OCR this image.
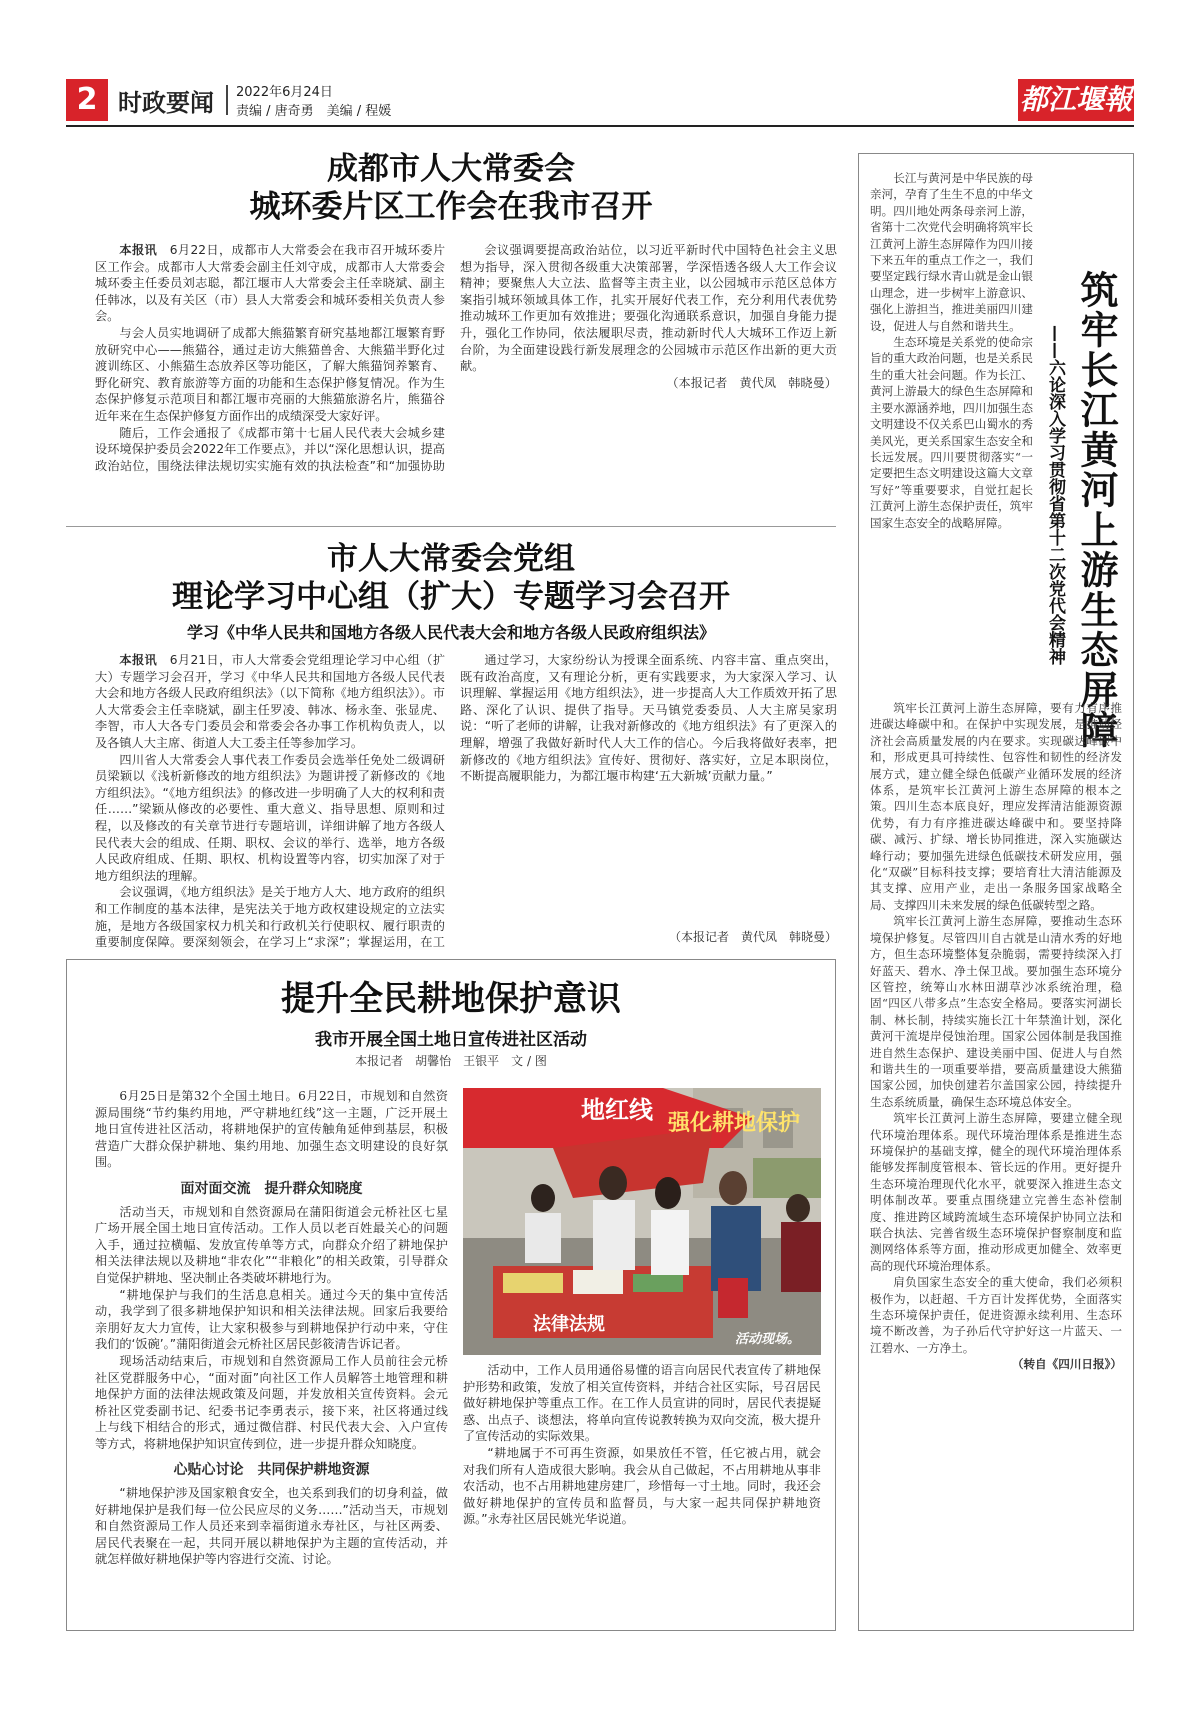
2 时政要闻 2022年6月24日
责编 / 唐奇勇　美编 / 程媛	都江堰報
成都市人大常委会
城环委片区工作会在我市召开

本报讯　 6月22日，成都市人大常委会在我市召开城环委片区工作会。成都市人大常委会副主任刘守成，成都市人大常委会城环委主任委员刘志聪，都江堰市人大常委会主任幸晓斌、副主任韩冰，以及有关区（市）县人大常委会和城环委相关负责人参会。

与会人员实地调研了成都大熊猫繁育研究基地都江堰繁育野放研究中心——熊猫谷，通过走访大熊猫兽舍、大熊猫半野化过渡训练区、小熊猫生态放养区等功能区，了解大熊猫饲养繁育、野化研究、教育旅游等方面的功能和生态保护修复情况。作为生态保护修复示范项目和都江堰市亮丽的大熊猫旅游名片，熊猫谷近年来在生态保护修复方面作出的成绩深受大家好评。

随后，工作会通报了《成都市第十七届人民代表大会城乡建设环境保护委员会2022年工作要点》，并以“深化思想认识，提高政治站位，围绕法律法规切实实施有效的执法检查”和“加强协助

会议强调要提高政治站位，以习近平新时代中国特色社会主义思想为指导，深入贯彻各级重大决策部署，学深悟透各级人大工作会议精神；要聚焦人大立法、监督等主责主业，以公园城市示范区总体方案指引城环领域具体工作，扎实开展好代表工作，充分利用代表优势推动城环工作更加有效推进；要强化沟通联系意识，加强自身能力提升，强化工作协同，依法履职尽责，推动新时代人大城环工作迈上新台阶，为全面建设践行新发展理念的公园城市示范区作出新的更大贡献。

（本报记者　黄代凤　韩晓曼）

市人大常委会党组
理论学习中心组（扩大）专题学习会召开
学习《中华人民共和国地方各级人民代表大会和地方各级人民政府组织法》

本报讯　 6月21日，市人大常委会党组理论学习中心组（扩大）专题学习会召开，学习《中华人民共和国地方各级人民代表大会和地方各级人民政府组织法》（以下简称《地方组织法》）。市人大常委会主任幸晓斌，副主任罗凌、韩冰、杨永奎、张显虎、李智，市人大各专门委员会和常委会各办事工作机构负责人，以及各镇人大主席、街道人大工委主任等参加学习。

四川省人大常委会人事代表工作委员会选举任免处二级调研员梁颖以《浅析新修改的地方组织法》为题讲授了新修改的《地方组织法》。“《地方组织法》的修改进一步明确了人大的权利和责任……”梁颖从修改的必要性、重大意义、指导思想、原则和过程，以及修改的有关章节进行专题培训，详细讲解了地方各级人民代表大会的组成、任期、职权、会议的举行、选举，地方各级人民政府组成、任期、职权、机构设置等内容，切实加深了对于地方组织法的理解。

会议强调，《地方组织法》是关于地方人大、地方政府的组织和工作制度的基本法律，是宪法关于地方政权建设规定的立法实施，是地方各级国家权力机关和行政机关行使职权、履行职责的重要制度保障。要深刻领会，在学习上“求深”；掌握运用，在工

通过学习，大家纷纷认为授课全面系统、内容丰富、重点突出，既有政治高度，又有理论分析，更有实践要求，为大家深入学习、认识理解、掌握运用《地方组织法》，进一步提高人大工作质效开拓了思路、深化了认识、提供了指导。天马镇党委委员、人大主席吴家玥说：“听了老师的讲解，让我对新修改的《地方组织法》有了更深入的理解，增强了我做好新时代人大工作的信心。今后我将做好表率，把新修改的《地方组织法》宣传好、贯彻好、落实好，立足本职岗位，不断提高履职能力，为都江堰市构建‘五大新城’贡献力量。”

（本报记者　黄代凤　韩晓曼）
提升全民耕地保护意识
我市开展全国土地日宣传进社区活动
本报记者　胡馨怡　王银平　文 / 图

6月25日是第32个全国土地日。6月22日，市规划和自然资源局围绕“节约集约用地，严守耕地红线”这一主题，广泛开展土地日宣传进社区活动，将耕地保护的宣传触角延伸到基层，积极营造广大群众保护耕地、集约用地、加强生态文明建设的良好氛围。

面对面交流　提升群众知晓度

活动当天，市规划和自然资源局在蒲阳街道会元桥社区七星广场开展全国土地日宣传活动。工作人员以老百姓最关心的问题入手，通过拉横幅、发放宣传单等方式，向群众介绍了耕地保护相关法律法规以及耕地“非农化”“非粮化”的相关政策，引导群众自觉保护耕地、坚决制止各类破坏耕地行为。

“耕地保护与我们的生活息息相关。通过今天的集中宣传活动，我学到了很多耕地保护知识和相关法律法规。回家后我要给亲朋好友大力宣传，让大家积极参与到耕地保护行动中来，守住我们的‘饭碗’。”蒲阳街道会元桥社区居民彭筱清告诉记者。

现场活动结束后，市规划和自然资源局工作人员前往会元桥社区党群服务中心，“面对面”向社区工作人员解答土地管理和耕地保护方面的法律法规政策及问题，并发放相关宣传资料。会元桥社区党委副书记、纪委书记李勇表示，接下来，社区将通过线上与线下相结合的形式，通过微信群、村民代表大会、入户宣传等方式，将耕地保护知识宣传到位，进一步提升群众知晓度。

心贴心讨论　共同保护耕地资源

“耕地保护涉及国家粮食安全，也关系到我们的切身利益，做好耕地保护是我们每一位公民应尽的义务……”活动当天，市规划和自然资源局工作人员还来到幸福街道永寿社区，与社区两委、居民代表聚在一起，共同开展以耕地保护为主题的宣传活动，并就怎样做好耕地保护等内容进行交流、讨论。

地红线 强化耕地保护
法律法规
活动现场。

活动中，工作人员用通俗易懂的语言向居民代表宣传了耕地保护形势和政策，发放了相关宣传资料，并结合社区实际，号召居民做好耕地保护等重点工作。在工作人员宣讲的同时，居民代表提疑惑、出点子、谈想法，将单向宣传说教转换为双向交流，极大提升了宣传活动的实际效果。

“耕地属于不可再生资源，如果放任不管，任它被占用，就会对我们所有人造成很大影响。我会从自己做起，不占用耕地从事非农活动，也不占用耕地建房建厂，珍惜每一寸土地。同时，我还会做好耕地保护的宣传员和监督员，与大家一起共同保护耕地资源。”永寿社区居民姚光华说道。

筑牢长江黄河上游生态屏障
——六论深入学习贯彻省第十二次党代会精神

长江与黄河是中华民族的母亲河，孕育了生生不息的中华文明。四川地处两条母亲河上游，省第十二次党代会明确将筑牢长江黄河上游生态屏障作为四川接下来五年的重点工作之一，我们要坚定践行绿水青山就是金山银山理念，进一步树牢上游意识、强化上游担当，推进美丽四川建设，促进人与自然和谐共生。

生态环境是关系党的使命宗旨的重大政治问题，也是关系民生的重大社会问题。作为长江、黄河上游最大的绿色生态屏障和主要水源涵养地，四川加强生态文明建设不仅关系巴山蜀水的秀美风光，更关系国家生态安全和长远发展。四川要贯彻落实“一定要把生态文明建设这篇大文章写好”等重要要求，自觉扛起长江黄河上游生态保护责任，筑牢国家生态安全的战略屏障。

筑牢长江黄河上游生态屏障，要有力有序推进碳达峰碳中和。在保护中实现发展，是推动经济社会高质量发展的内在要求。实现碳达峰碳中和，形成更具可持续性、包容性和韧性的经济发展方式，建立健全绿色低碳产业循环发展的经济体系，是筑牢长江黄河上游生态屏障的根本之策。四川生态本底良好，理应发挥清洁能源资源优势，有力有序推进碳达峰碳中和。要坚持降碳、减污、扩绿、增长协同推进，深入实施碳达峰行动；要加强先进绿色低碳技术研发应用，强化“双碳”目标科技支撑；要培育壮大清洁能源及其支撑、应用产业，走出一条服务国家战略全局、支撑四川未来发展的绿色低碳转型之路。

筑牢长江黄河上游生态屏障，要推动生态环境保护修复。尽管四川自古就是山清水秀的好地方，但生态环境整体复杂脆弱，需要持续深入打好蓝天、碧水、净土保卫战。要加强生态环境分区管控，统筹山水林田湖草沙冰系统治理，稳固“四区八带多点”生态安全格局。要落实河湖长制、林长制，持续实施长江十年禁渔计划，深化黄河干流堤岸侵蚀治理。国家公园体制是我国推进自然生态保护、建设美丽中国、促进人与自然和谐共生的一项重要举措，要高质量建设大熊猫国家公园，加快创建若尔盖国家公园，持续提升生态系统质量，确保生态环境总体安全。

筑牢长江黄河上游生态屏障，要建立健全现代环境治理体系。现代环境治理体系是推进生态环境保护的基础支撑，健全的现代环境治理体系能够发挥制度管根本、管长远的作用。更好提升生态环境治理现代化水平，就要深入推进生态文明体制改革。要重点围绕建立完善生态补偿制度、推进跨区域跨流域生态环境保护协同立法和联合执法、完善省级生态环境保护督察制度和监测网络体系等方面，推动形成更加健全、效率更高的现代环境治理体系。

肩负国家生态安全的重大使命，我们必须积极作为，以赶超、千方百计发挥优势，全面落实生态环境保护责任，促进资源永续利用、生态环境不断改善，为子孙后代守护好这一片蓝天、一江碧水、一方净土。

（转自《四川日报》）
